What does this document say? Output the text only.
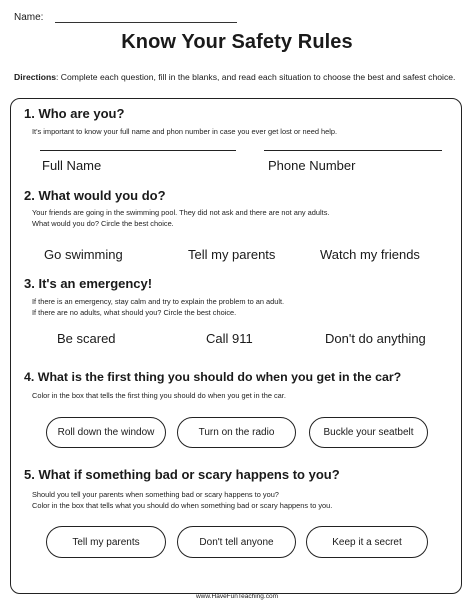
Name:
Know Your Safety Rules
Directions: Complete each question, fill in the blanks, and read each situation to choose the best and safest choice.
1. Who are you?
It's important to know your full name and phon number in case you ever get lost or need help.
Full Name	Phone Number
2. What would you do?
Your friends are going in the swimming pool. They did not ask and there are not any adults.
What would you do? Circle the best choice.
Go swimming	Tell my parents	Watch my friends
3. It's an emergency!
If there is an emergency, stay calm and try to explain the problem to an adult.
If there are no adults, what should you? Circle the best choice.
Be scared	Call 911	Don't do anything
4. What is the first thing you should do when you get in the car?
Color in the box that tells the first thing you should do when you get in the car.
Roll down the window	Turn on the radio	Buckle your seatbelt
5. What if something bad or scary happens to you?
Should you tell your parents when something bad or scary happens to you?
Color in the box that tells what you should do when something bad or scary happens to you.
Tell my parents	Don't tell anyone	Keep it a secret
www.HaveFunTeaching.com
